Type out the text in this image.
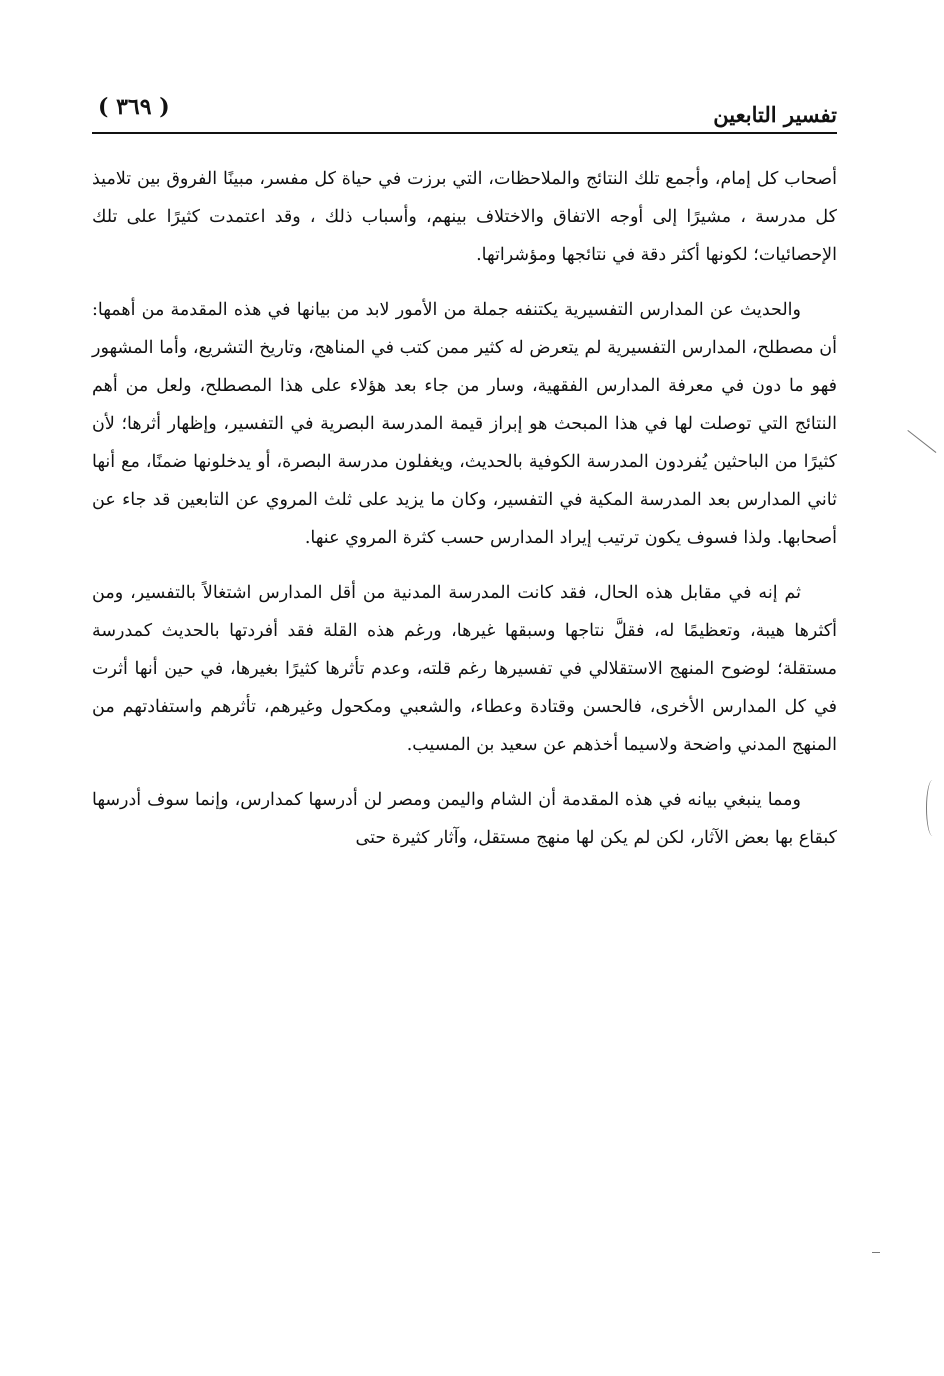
تفسير التابعين
( ٣٦٩ )

أصحاب كل إمام، وأجمع تلك النتائج والملاحظات، التي برزت في حياة كل مفسر، مبينًا الفروق بين تلاميذ كل مدرسة ، مشيرًا إلى أوجه الاتفاق والاختلاف بينهم، وأسباب ذلك ، وقد اعتمدت كثيرًا على تلك الإحصائيات؛ لكونها أكثر دقة في نتائجها ومؤشراتها.

والحديث عن المدارس التفسيرية يكتنفه جملة من الأمور لابد من بيانها في هذه المقدمة من أهمها: أن مصطلح، المدارس التفسيرية لم يتعرض له كثير ممن كتب في المناهج، وتاريخ التشريع، وأما المشهور فهو ما دون في معرفة المدارس الفقهية، وسار من جاء بعد هؤلاء على هذا المصطلح، ولعل من أهم النتائج التي توصلت لها في هذا المبحث هو إبراز قيمة المدرسة البصرية في التفسير، وإظهار أثرها؛ لأن كثيرًا من الباحثين يُفردون المدرسة الكوفية بالحديث، ويغفلون مدرسة البصرة، أو يدخلونها ضمنًا، مع أنها ثاني المدارس بعد المدرسة المكية في التفسير، وكان ما يزيد على ثلث المروي عن التابعين قد جاء عن أصحابها. ولذا فسوف يكون ترتيب إيراد المدارس حسب كثرة المروي عنها.

ثم إنه في مقابل هذه الحال، فقد كانت المدرسة المدنية من أقل المدارس اشتغالاً بالتفسير، ومن أكثرها هيبة، وتعظيمًا له، فقلَّ نتاجها وسبقها غيرها، ورغم هذه القلة فقد أفردتها بالحديث كمدرسة مستقلة؛ لوضوح المنهج الاستقلالي في تفسيرها رغم قلته، وعدم تأثرها كثيرًا بغيرها، في حين أنها أثرت في كل المدارس الأخرى، فالحسن وقتادة وعطاء، والشعبي ومكحول وغيرهم، تأثرهم واستفادتهم من المنهج المدني واضحة ولاسيما أخذهم عن سعيد بن المسيب.

ومما ينبغي بيانه في هذه المقدمة أن الشام واليمن ومصر لن أدرسها كمدارس، وإنما سوف أدرسها كبقاع بها بعض الآثار، لكن لم يكن لها منهج مستقل، وآثار كثيرة حتى
